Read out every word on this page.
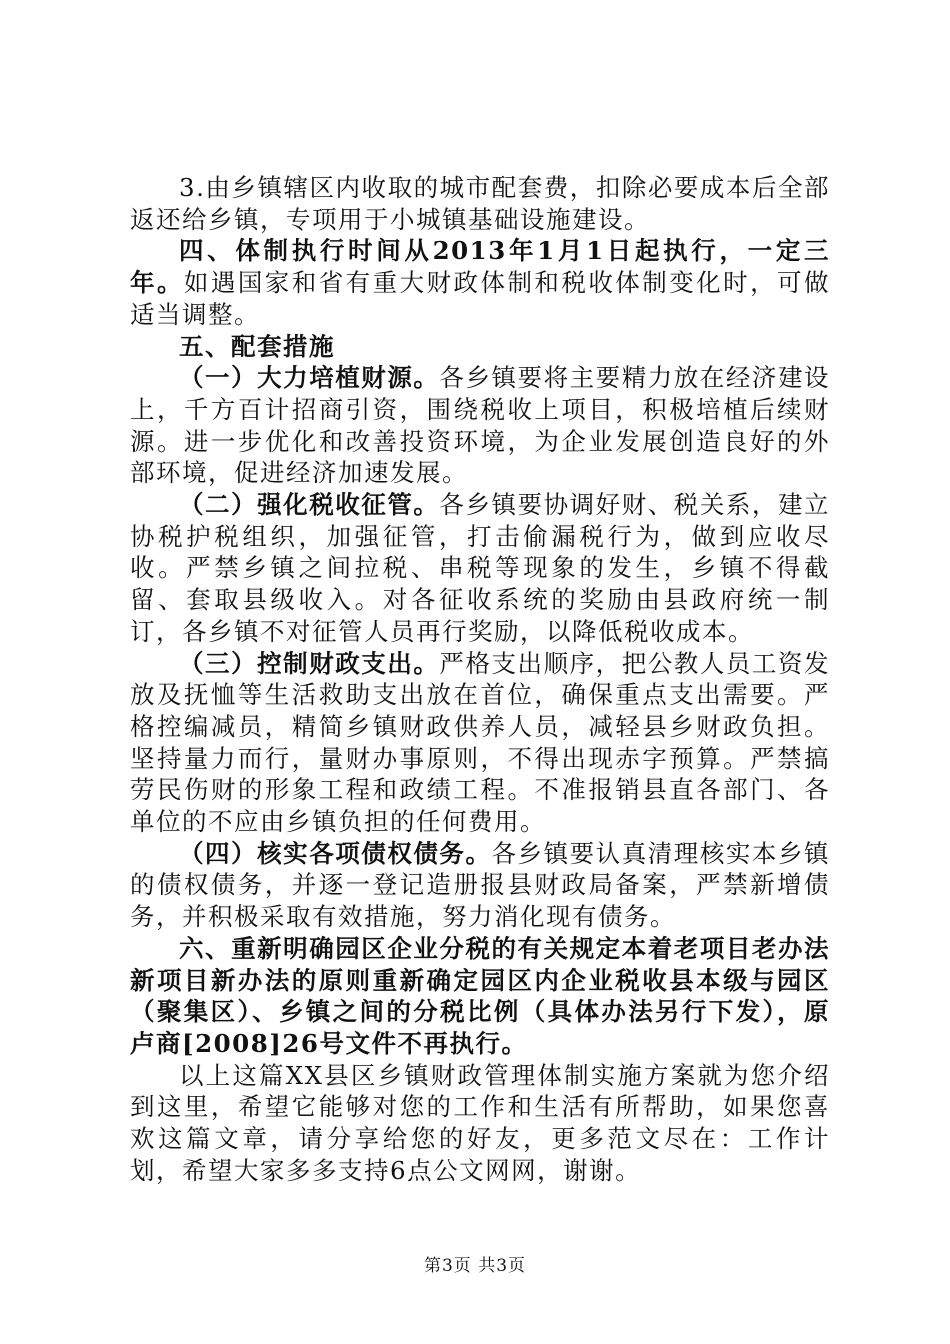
3.由乡镇辖区内收取的城市配套费，扣除必要成本后全部返还给乡镇，专项用于小城镇基础设施建设。

四、体制执行时间从2013年1月1日起执行，一定三年。如遇国家和省有重大财政体制和税收体制变化时，可做适当调整。

五、配套措施

（一）大力培植财源。各乡镇要将主要精力放在经济建设上，千方百计招商引资，围绕税收上项目，积极培植后续财源。进一步优化和改善投资环境，为企业发展创造良好的外部环境，促进经济加速发展。

（二）强化税收征管。各乡镇要协调好财、税关系，建立协税护税组织，加强征管，打击偷漏税行为，做到应收尽收。严禁乡镇之间拉税、串税等现象的发生，乡镇不得截留、套取县级收入。对各征收系统的奖励由县政府统一制订，各乡镇不对征管人员再行奖励，以降低税收成本。

（三）控制财政支出。严格支出顺序，把公教人员工资发放及抚恤等生活救助支出放在首位，确保重点支出需要。严格控编减员，精简乡镇财政供养人员，减轻县乡财政负担。坚持量力而行，量财办事原则，不得出现赤字预算。严禁搞劳民伤财的形象工程和政绩工程。不准报销县直各部门、各单位的不应由乡镇负担的任何费用。

（四）核实各项债权债务。各乡镇要认真清理核实本乡镇的债权债务，并逐一登记造册报县财政局备案，严禁新增债务，并积极采取有效措施，努力消化现有债务。

六、重新明确园区企业分税的有关规定本着老项目老办法新项目新办法的原则重新确定园区内企业税收县本级与园区（聚集区）、乡镇之间的分税比例（具体办法另行下发），原卢商[2008]26号文件不再执行。

以上这篇XX县区乡镇财政管理体制实施方案就为您介绍到这里，希望它能够对您的工作和生活有所帮助，如果您喜欢这篇文章，请分享给您的好友，更多范文尽在：工作计划，希望大家多多支持6点公文网网，谢谢。

第3页 共3页
